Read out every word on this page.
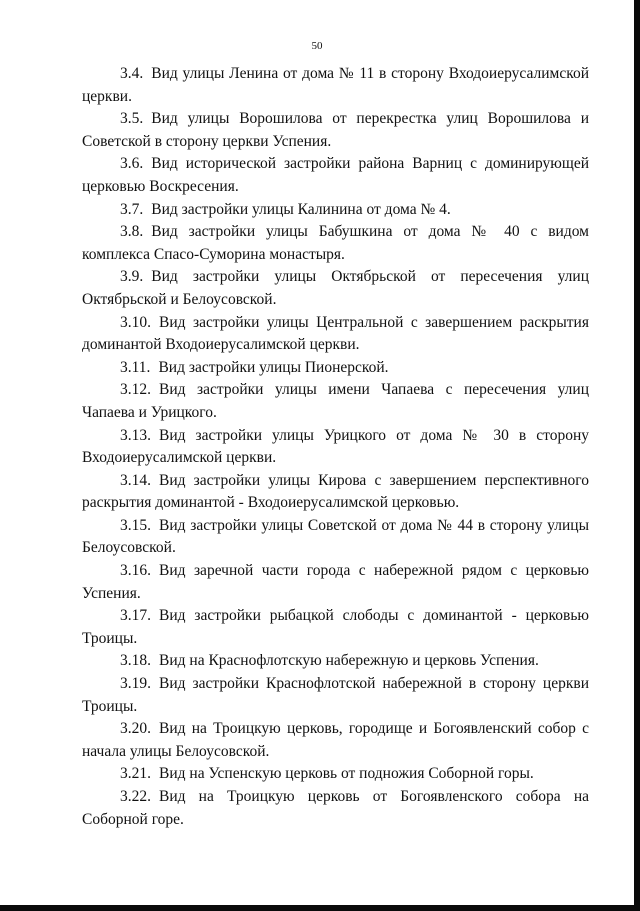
50

3.4. Вид улицы Ленина от дома № 11 в сторону Входоиерусалимской церкви.

3.5. Вид улицы Ворошилова от перекрестка улиц Ворошилова и Советской в сторону церкви Успения.

3.6. Вид исторической застройки района Варниц с доминирующей церковью Воскресения.

3.7. Вид застройки улицы Калинина от дома № 4.

3.8. Вид застройки улицы Бабушкина от дома № 40 с видом комплекса Спасо-Суморина монастыря.

3.9. Вид застройки улицы Октябрьской от пересечения улиц Октябрьской и Белоусовской.

3.10. Вид застройки улицы Центральной с завершением раскрытия доминантой Входоиерусалимской церкви.

3.11. Вид застройки улицы Пионерской.

3.12. Вид застройки улицы имени Чапаева с пересечения улиц Чапаева и Урицкого.

3.13. Вид застройки улицы Урицкого от дома № 30 в сторону Входоиерусалимской церкви.

3.14. Вид застройки улицы Кирова с завершением перспективного раскрытия доминантой - Входоиерусалимской церковью.

3.15. Вид застройки улицы Советской от дома № 44 в сторону улицы Белоусовской.

3.16. Вид заречной части города с набережной рядом с церковью Успения.

3.17. Вид застройки рыбацкой слободы с доминантой - церковью Троицы.

3.18. Вид на Краснофлотскую набережную и церковь Успения.

3.19. Вид застройки Краснофлотской набережной в сторону церкви Троицы.

3.20. Вид на Троицкую церковь, городище и Богоявленский собор с начала улицы Белоусовской.

3.21. Вид на Успенскую церковь от подножия Соборной горы.

3.22. Вид на Троицкую церковь от Богоявленского собора на Соборной горе.
